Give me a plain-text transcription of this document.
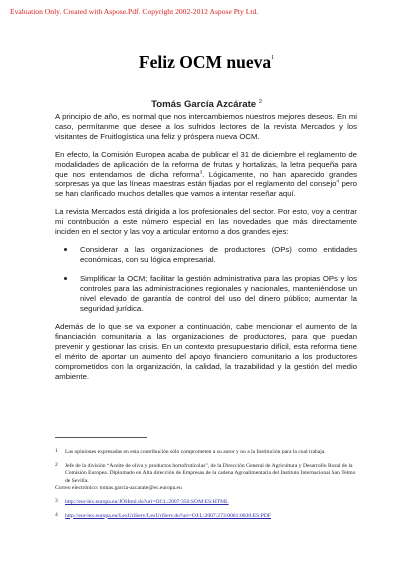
Evaluation Only. Created with Aspose.Pdf. Copyright 2002-2012 Aspose Pty Ltd.
Feliz OCM nueva$^1$
Tomás García Azcárate $^2$

A principio de año, es normal que nos intercambiemos nuestros mejores deseos. En mi caso, permítanme que desee a los sufridos lectores de la revista Mercados y los visitantes de Fruitlogística una feliz y próspera nueva OCM.

En efecto, la Comisión Europea acaba de publicar el 31 de diciembre el reglamento de modalidades de aplicación de la reforma de frutas y hortalizas, la letra pequeña para que nos entendamos de dicha reforma$^3$. Lógicamente, no han aparecido grandes sorpresas ya que las líneas maestras están fijadas por el reglamento del consejo$^4$ pero se han clarificado muchos detalles que vamos a intentar reseñar aquí.

La revista Mercados está dirigida a los profesionales del sector. Por esto, voy a centrar mi contribución a este número especial en las novedades que más directamente inciden en el sector y las voy a articular entorno a dos grandes ejes:

Considerar a las organizaciones de productores (OPs) como entidades económicas, con su lógica empresarial.
Simplificar la OCM; facilitar la gestión administrativa para las propias OPs y los controles para las administraciones regionales y nacionales, manteniéndose un nivel elevado de garantía de control del uso del dinero público; aumentar la seguridad jurídica.

Además de lo que se va exponer a continuación, cabe mencionar el aumento de la financiación comunitaria a las organizaciones de productores, para que puedan prevenir y gestionar las crisis. En un contexto presupuestario difícil, esta reforma tiene el mérito de aportar un aumento del apoyo financiero comunitario a los productores comprometidos con la organización, la calidad, la trazabilidad y la gestión del medio ambiente.

1 Las opiniones expresadas en esta contribución sólo comprometen a su autor y no a la Institución para la cual trabaja.
2 Jefe de la división “Aceite de oliva y productos hortofrutícolas”, de la Dirección General de Agricultura y Desarrollo Rural de la Comisión Europea. Diplomado en Alta dirección de Empresas de la cadena Agroalimentaria del Instituto Internacional San Telmo de Sevilla.
Correo electrónico: tomas.garcia-azcarate@ec.europa.eu
3 http://eur-lex.europa.eu/JOHtml.do?uri=OJ:L:2007:350:SOM:ES:HTML
4 http://eur-lex.europa.eu/LexUriServ/LexUriServ.do?uri=OJ:L:2007:273:0001:0030:ES:PDF
